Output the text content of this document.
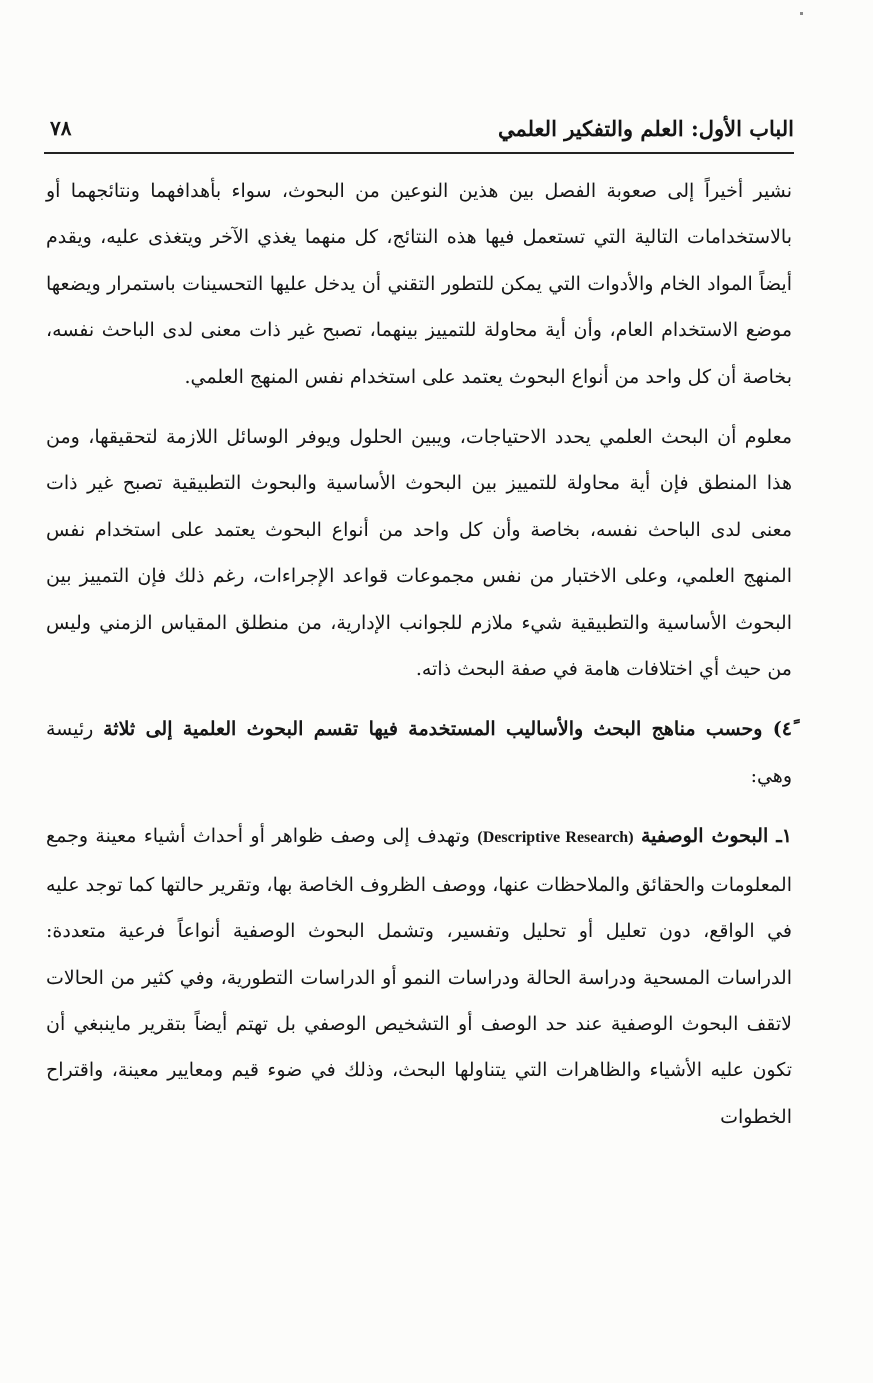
الباب الأول: العلم والتفكير العلمي
٧٨

نشير أخيراً إلى صعوبة الفصل بين هذين النوعين من البحوث، سواء بأهدافهما ونتائجهما أو بالاستخدامات التالية التي تستعمل فيها هذه النتائج، كل منهما يغذي الآخر ويتغذى عليه، ويقدم أيضاً المواد الخام والأدوات التي يمكن للتطور التقني أن يدخل عليها التحسينات باستمرار ويضعها موضع الاستخدام العام، وأن أية محاولة للتمييز بينهما، تصبح غير ذات معنى لدى الباحث نفسه، بخاصة أن كل واحد من أنواع البحوث يعتمد على استخدام نفس المنهج العلمي.

معلوم أن البحث العلمي يحدد الاحتياجات، ويبين الحلول ويوفر الوسائل اللازمة لتحقيقها، ومن هذا المنطق فإن أية محاولة للتمييز بين البحوث الأساسية والبحوث التطبيقية تصبح غير ذات معنى لدى الباحث نفسه، بخاصة وأن كل واحد من أنواع البحوث يعتمد على استخدام نفس المنهج العلمي، وعلى الاختبار من نفس مجموعات قواعد الإجراءات، رغم ذلك فإن التمييز بين البحوث الأساسية والتطبيقية شيء ملازم للجوانب الإدارية، من منطلق المقياس الزمني وليس من حيث أي اختلافات هامة في صفة البحث ذاته.

٤ً) وحسب مناهج البحث والأساليب المستخدمة فيها تقسم البحوث العلمية إلى ثلاثة رئيسة وهي:

١ـ البحوث الوصفية (Descriptive Research) وتهدف إلى وصف ظواهر أو أحداث أشياء معينة وجمع المعلومات والحقائق والملاحظات عنها، ووصف الظروف الخاصة بها، وتقرير حالتها كما توجد عليه في الواقع، دون تعليل أو تحليل وتفسير، وتشمل البحوث الوصفية أنواعاً فرعية متعددة: الدراسات المسحية ودراسة الحالة ودراسات النمو أو الدراسات التطورية، وفي كثير من الحالات لاتقف البحوث الوصفية عند حد الوصف أو التشخيص الوصفي بل تهتم أيضاً بتقرير ماينبغي أن تكون عليه الأشياء والظاهرات التي يتناولها البحث، وذلك في ضوء قيم ومعايير معينة، واقتراح الخطوات
